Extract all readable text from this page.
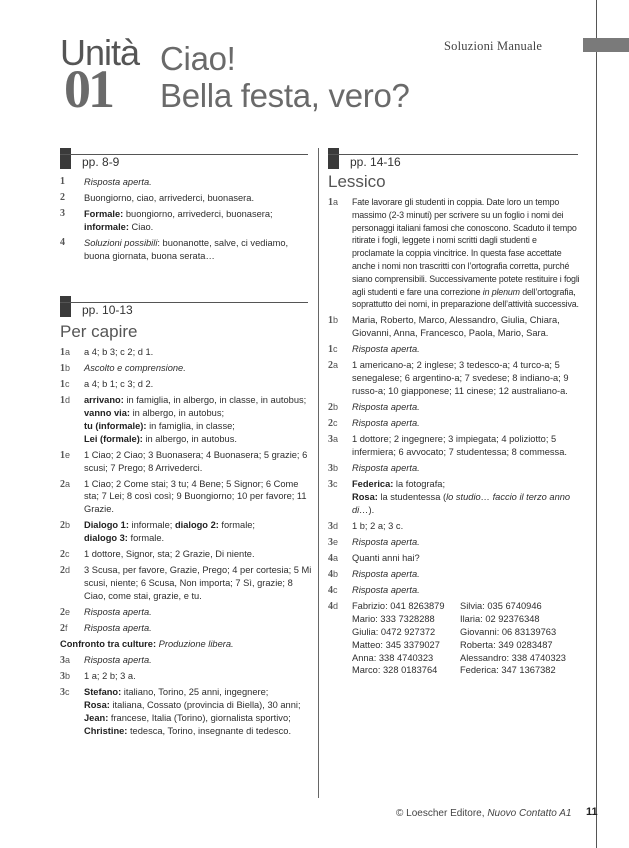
Soluzioni Manuale
Unità
01
Ciao!
Bella festa, vero?
pp. 8-9
1	Risposta aperta.
2	Buongiorno, ciao, arrivederci, buonasera.
3	Formale: buongiorno, arrivederci, buonasera;
informale: Ciao.
4	Soluzioni possibili: buonanotte, salve, ci vediamo, buona giornata, buona serata…
pp. 10-13
Per capire
1a	a 4; b 3; c 2; d 1.
1b	Ascolto e comprensione.
1c	a 4; b 1; c 3; d 2.
1d	arrivano: in famiglia, in albergo, in classe, in autobus;
vanno via: in albergo, in autobus;
tu (informale): in famiglia, in classe;
Lei (formale): in albergo, in autobus.
1e	1 Ciao; 2 Ciao; 3 Buonasera; 4 Buonasera; 5 grazie; 6 scusi; 7 Prego; 8 Arrivederci.
2a	1 Ciao; 2 Come stai; 3 tu; 4 Bene; 5 Signor; 6 Come sta; 7 Lei; 8 così così; 9 Buongiorno; 10 per favore; 11 Grazie.
2b	Dialogo 1: informale; dialogo 2: formale;
dialogo 3: formale.
2c	1 dottore, Signor, sta; 2 Grazie, Di niente.
2d	3 Scusa, per favore, Grazie, Prego; 4 per cortesia; 5 Mi scusi, niente; 6 Scusa, Non importa; 7 Sì, grazie; 8 Ciao, come stai, grazie, e tu.
2e	Risposta aperta.
2f	Risposta aperta.
Confronto tra culture: Produzione libera.
3a	Risposta aperta.
3b	1 a; 2 b; 3 a.
3c	Stefano: italiano, Torino, 25 anni, ingegnere;
Rosa: italiana, Cossato (provincia di Biella), 30 anni;
Jean: francese, Italia (Torino), giornalista sportivo;
Christine: tedesca, Torino, insegnante di tedesco.
pp. 14-16
Lessico
1a	Fate lavorare gli studenti in coppia. Date loro un tempo massimo (2-3 minuti) per scrivere su un foglio i nomi dei personaggi italiani famosi che conoscono. Scaduto il tempo ritirate i fogli, leggete i nomi scritti dagli studenti e proclamate la coppia vincitrice. In questa fase accettate anche i nomi non trascritti con l’ortografia corretta, purché siano comprensibili. Successivamente potete restituire i fogli agli studenti e fare una correzione in plenum dell’ortografia, soprattutto dei nomi, in preparazione dell’attività successiva.
1b	Maria, Roberto, Marco, Alessandro, Giulia, Chiara, Giovanni, Anna, Francesco, Paola, Mario, Sara.
1c	Risposta aperta.
2a	1 americano-a; 2 inglese; 3 tedesco-a; 4 turco-a; 5 senegalese; 6 argentino-a; 7 svedese; 8 indiano-a; 9 russo-a; 10 giapponese; 11 cinese; 12 australiano-a.
2b	Risposta aperta.
2c	Risposta aperta.
3a	1 dottore; 2 ingegnere; 3 impiegata; 4 poliziotto; 5 infermiera; 6 avvocato; 7 studentessa; 8 commessa.
3b	Risposta aperta.
3c	Federica: la fotografa;
Rosa: la studentessa (lo studio… faccio il terzo anno di…).
3d	1 b; 2 a; 3 c.
3e	Risposta aperta.
4a	Quanti anni hai?
4b	Risposta aperta.
4c	Risposta aperta.
4d	Fabrizio: 041 8263879	Silvia: 035 6740946
Mario: 333 7328288	Ilaria: 02 92376348
Giulia: 0472 927372	Giovanni: 06 83139763
Matteo: 345 3379027	Roberta: 349 0283487
Anna: 338 4740323	Alessandro: 338 4740323
Marco: 328 0183764	Federica: 347 1367382
© Loescher Editore, Nuovo Contatto A1 11
